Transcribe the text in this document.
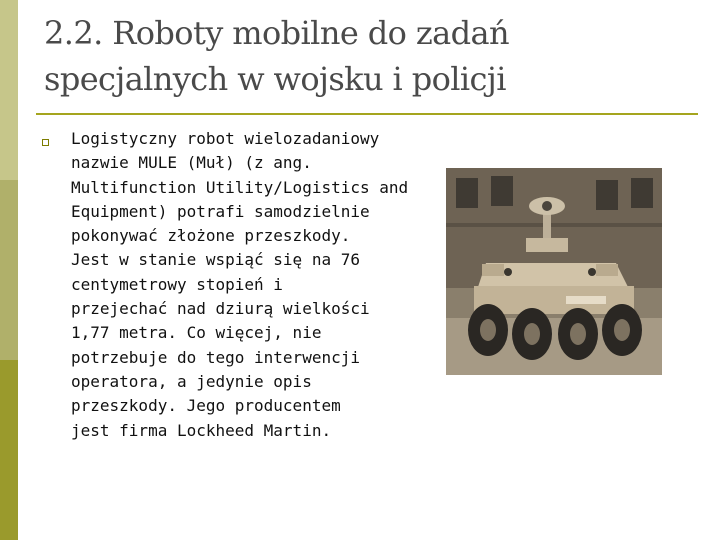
2.2. Roboty mobilne do zadań
specjalnych w wojsku i policji
Logistyczny robot wielozadaniowy
nazwie MULE (Muł) (z ang.
Multifunction Utility/Logistics and
Equipment) potrafi samodzielnie
pokonywać złożone przeszkody.
Jest w stanie wspiąć się na 76
centymetrowy stopień i
przejechać nad dziurą wielkości
1,77 metra. Co więcej, nie
potrzebuje do tego interwencji
operatora, a jedynie opis
przeszkody. Jego producentem
jest firma Lockheed Martin.
